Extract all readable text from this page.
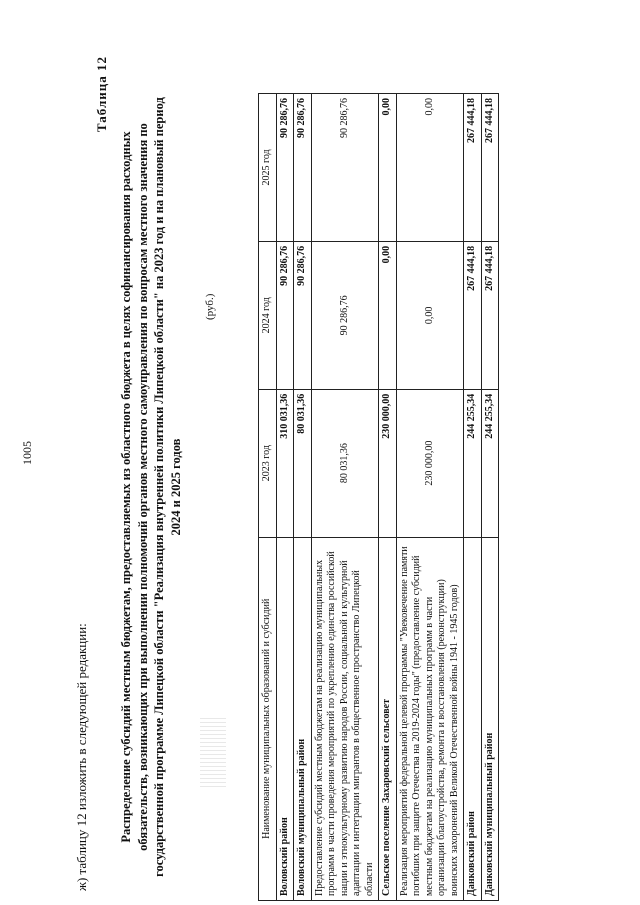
1005
ж) таблицу 12 изложить в следующей редакции:
Таблица 12
Распределение субсидий местным бюджетам, предоставляемых из областного бюджета в целях софинансирования расходных обязательств, возникающих при выполнении полномочий органов местного самоуправления по вопросам местного значения по государственной программе Липецкой области "Реализация внутренней политики Липецкой области" на 2023 год и на плановый период 2024 и 2025 годов
(руб.)
Наименование муниципальных образований и субсидий	2023 год	2024 год	2025 год
Воловский район	310 031,36	90 286,76	90 286,76
Воловский муниципальный район	80 031,36	90 286,76	90 286,76
Предоставление субсидий местным бюджетам на реализацию муниципальных программ в части проведения мероприятий по укреплению единства российской нации и этнокультурному развитию народов России, социальной и культурной адаптации и интеграции мигрантов в общественное пространство Липецкой области	80 031,36	90 286,76	90 286,76
Сельское поселение Захаровский сельсовет	230 000,00	0,00	0,00
Реализация мероприятий федеральной целевой программы "Увековечение памяти погибших при защите Отечества на 2019-2024 годы" (предоставление субсидий местным бюджетам на реализацию муниципальных программ в части организации благоустройства, ремонта и восстановления (реконструкции) воинских захоронений Великой Отечественной войны 1941 - 1945 годов)	230 000,00	0,00	0,00
Данковский район	244 255,34	267 444,18	267 444,18
Данковский муниципальный район	244 255,34	267 444,18	267 444,18
